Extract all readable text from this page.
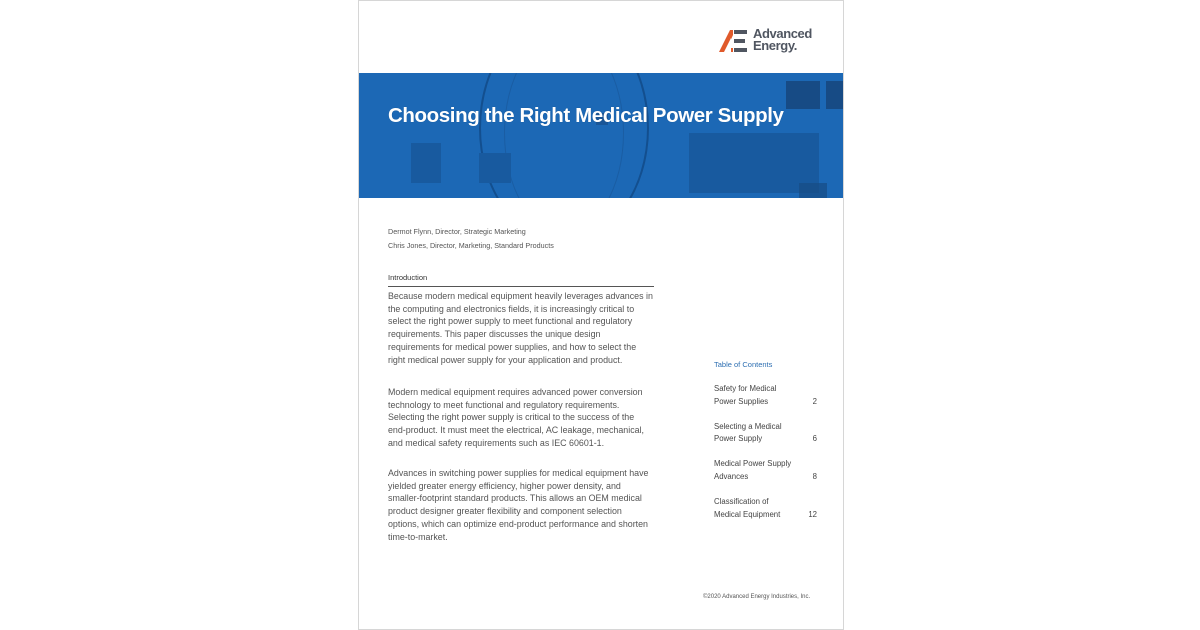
Advanced
Energy.
Choosing the Right Medical Power Supply
Dermot Flynn, Director, Strategic Marketing
Chris Jones, Director, Marketing, Standard Products
Introduction

Because modern medical equipment heavily leverages advances in the computing and electronics fields, it is increasingly critical to select the right power supply to meet functional and regulatory requirements. This paper discusses the unique design requirements for medical power supplies, and how to select the right medical power supply for your application and product.

Modern medical equipment requires advanced power conversion technology to meet functional and regulatory requirements. Selecting the right power supply is critical to the success of the end-product. It must meet the electrical, AC leakage, mechanical, and medical safety requirements such as IEC 60601-1.

Advances in switching power supplies for medical equipment have yielded greater energy efficiency, higher power density, and smaller-footprint standard products. This allows an OEM medical product designer greater flexibility and component selection options, which can optimize end-product performance and shorten time-to-market.

Table of Contents
Safety for Medical Power Supplies	2
Selecting a Medical Power Supply	6
Medical Power Supply Advances	8
Classification of Medical Equipment	12
©2020 Advanced Energy Industries, Inc.
